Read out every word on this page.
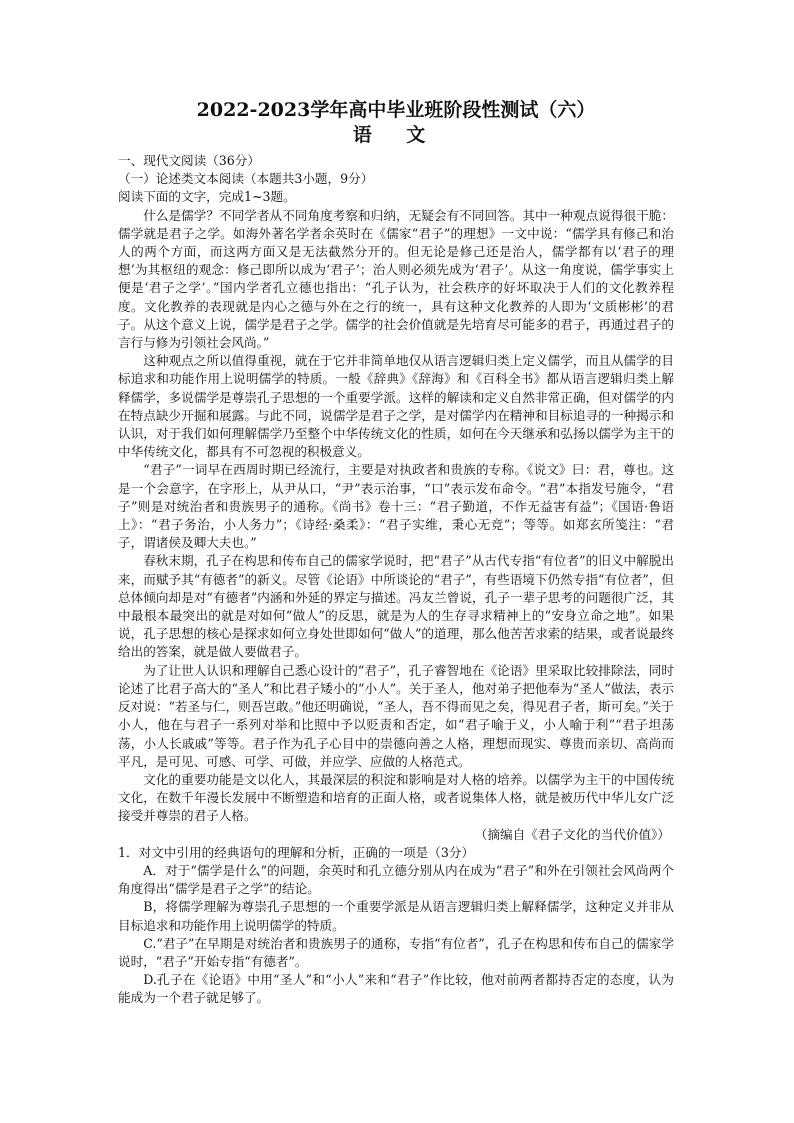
2022-2023学年高中毕业班阶段性测试（六）
语 文
一、现代文阅读（36分）
（一）论述类文本阅读（本题共3小题，9分）
阅读下面的文字，完成1~3题。

什么是儒学？不同学者从不同角度考察和归纳，无疑会有不同回答。其中一种观点说得很干脆：儒学就是君子之学。如海外著名学者余英时在《儒家“君子”的理想》一文中说：“儒学具有修己和治人的两个方面，而这两方面又是无法截然分开的。但无论是修己还是治人，儒学都有以‘君子的理想’为其枢纽的观念：修己即所以成为‘君子’；治人则必须先成为‘君子’。从这一角度说，儒学事实上便是‘君子之学’。”国内学者孔立德也指出：“孔子认为，社会秩序的好坏取决于人们的文化教养程度。文化教养的表现就是内心之德与外在之行的统一，具有这种文化教养的人即为‘文质彬彬’的君子。从这个意义上说，儒学是君子之学。儒学的社会价值就是先培育尽可能多的君子，再通过君子的言行与修为引领社会风尚。”

这种观点之所以值得重视，就在于它并非简单地仅从语言逻辑归类上定义儒学，而且从儒学的目标追求和功能作用上说明儒学的特质。一般《辞典》《辞海》和《百科全书》都从语言逻辑归类上解释儒学，多说儒学是尊崇孔子思想的一个重要学派。这样的解读和定义自然非常正确，但对儒学的内在特点缺少开掘和展露。与此不同，说儒学是君子之学，是对儒学内在精神和目标追寻的一种揭示和认识，对于我们如何理解儒学乃至整个中华传统文化的性质，如何在今天继承和弘扬以儒学为主干的中华传统文化，都具有不可忽视的积极意义。

“君子”一词早在西周时期已经流行，主要是对执政者和贵族的专称。《说文》曰：君，尊也。这是一个会意字，在字形上，从尹从口，“尹”表示治事，“口”表示发布命令。“君”本指发号施令，“君子”则是对统治者和贵族男子的通称。《尚书》卷十三：“君子勤道，不作无益害有益”；《国语·鲁语上》：“君子务治，小人务力”；《诗经·桑柔》：“君子实维，秉心无竞”；等等。如郑玄所笺注：“君子，谓诸侯及卿大夫也。”

春秋末期，孔子在构思和传布自己的儒家学说时，把“君子”从古代专指“有位者”的旧义中解脱出来，而赋予其“有德者”的新义。尽管《论语》中所谈论的“君子”，有些语境下仍然专指“有位者”，但总体倾向却是对“有德者”内涵和外延的界定与描述。冯友兰曾说，孔子一辈子思考的问题很广泛，其中最根本最突出的就是对如何“做人”的反思，就是为人的生存寻求精神上的“安身立命之地”。如果说，孔子思想的核心是探求如何立身处世即如何“做人”的道理，那么他苦苦求索的结果，或者说最终给出的答案，就是做人要做君子。

为了让世人认识和理解自己悉心设计的“君子”，孔子睿智地在《论语》里采取比较排除法，同时论述了比君子高大的“圣人”和比君子矮小的“小人”。关于圣人，他对弟子把他奉为“圣人”做法，表示反对说：“若圣与仁，则吾岂敢。”他还明确说，“圣人，吾不得而见之矣，得见君子者，斯可矣。”关于小人，他在与君子一系列对举和比照中予以贬责和否定，如“君子喻于义，小人喻于利”“君子坦荡荡，小人长戚戚”等等。君子作为孔子心目中的崇德向善之人格，理想而现实、尊贵而亲切、高尚而平凡，是可见、可感、可学、可做，并应学、应做的人格范式。

文化的重要功能是文以化人，其最深层的积淀和影响是对人格的培养。以儒学为主干的中国传统文化，在数千年漫长发展中不断塑造和培育的正面人格，或者说集体人格，就是被历代中华儿女广泛接受并尊崇的君子人格。

（摘编自《君子文化的当代价值》）
1．对文中引用的经典语句的理解和分析，正确的一项是（3分）
A．对于“儒学是什么”的问题，余英时和孔立德分别从内在成为“君子”和外在引领社会风尚两个角度得出“儒学是君子之学”的结论。
B，将儒学理解为尊崇孔子思想的一个重要学派是从语言逻辑归类上解释儒学，这种定义并非从目标追求和功能作用上说明儒学的特质。
C.“君子”在早期是对统治者和贵族男子的通称，专指“有位者”，孔子在构思和传布自己的儒家学说时，“君子”开始专指“有德者”。
D.孔子在《论语》中用“圣人”和“小人”来和“君子”作比较，他对前两者都持否定的态度，认为能成为一个君子就足够了。
